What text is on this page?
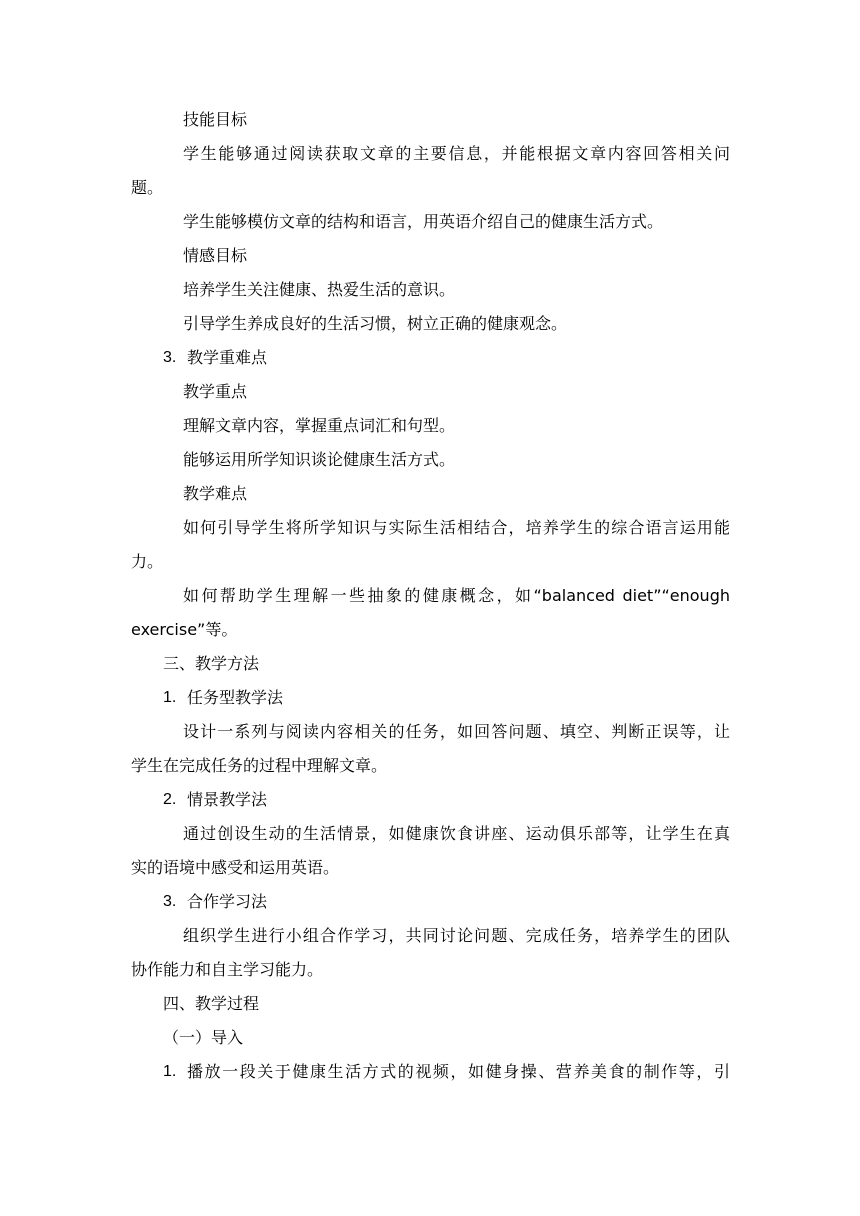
技能目标
学生能够通过阅读获取文章的主要信息，并能根据文章内容回答相关问
题。
学生能够模仿文章的结构和语言，用英语介绍自己的健康生活方式。
情感目标
培养学生关注健康、热爱生活的意识。
引导学生养成良好的生活习惯，树立正确的健康观念。
3. 教学重难点
教学重点
理解文章内容，掌握重点词汇和句型。
能够运用所学知识谈论健康生活方式。
教学难点
如何引导学生将所学知识与实际生活相结合，培养学生的综合语言运用能
力。
如何帮助学生理解一些抽象的健康概念，如“balanced diet”“enough
exercise”等。
三、教学方法
1. 任务型教学法
设计一系列与阅读内容相关的任务，如回答问题、填空、判断正误等，让
学生在完成任务的过程中理解文章。
2. 情景教学法
通过创设生动的生活情景，如健康饮食讲座、运动俱乐部等，让学生在真
实的语境中感受和运用英语。
3. 合作学习法
组织学生进行小组合作学习，共同讨论问题、完成任务，培养学生的团队
协作能力和自主学习能力。
四、教学过程
（一）导入
1. 播放一段关于健康生活方式的视频，如健身操、营养美食的制作等，引
